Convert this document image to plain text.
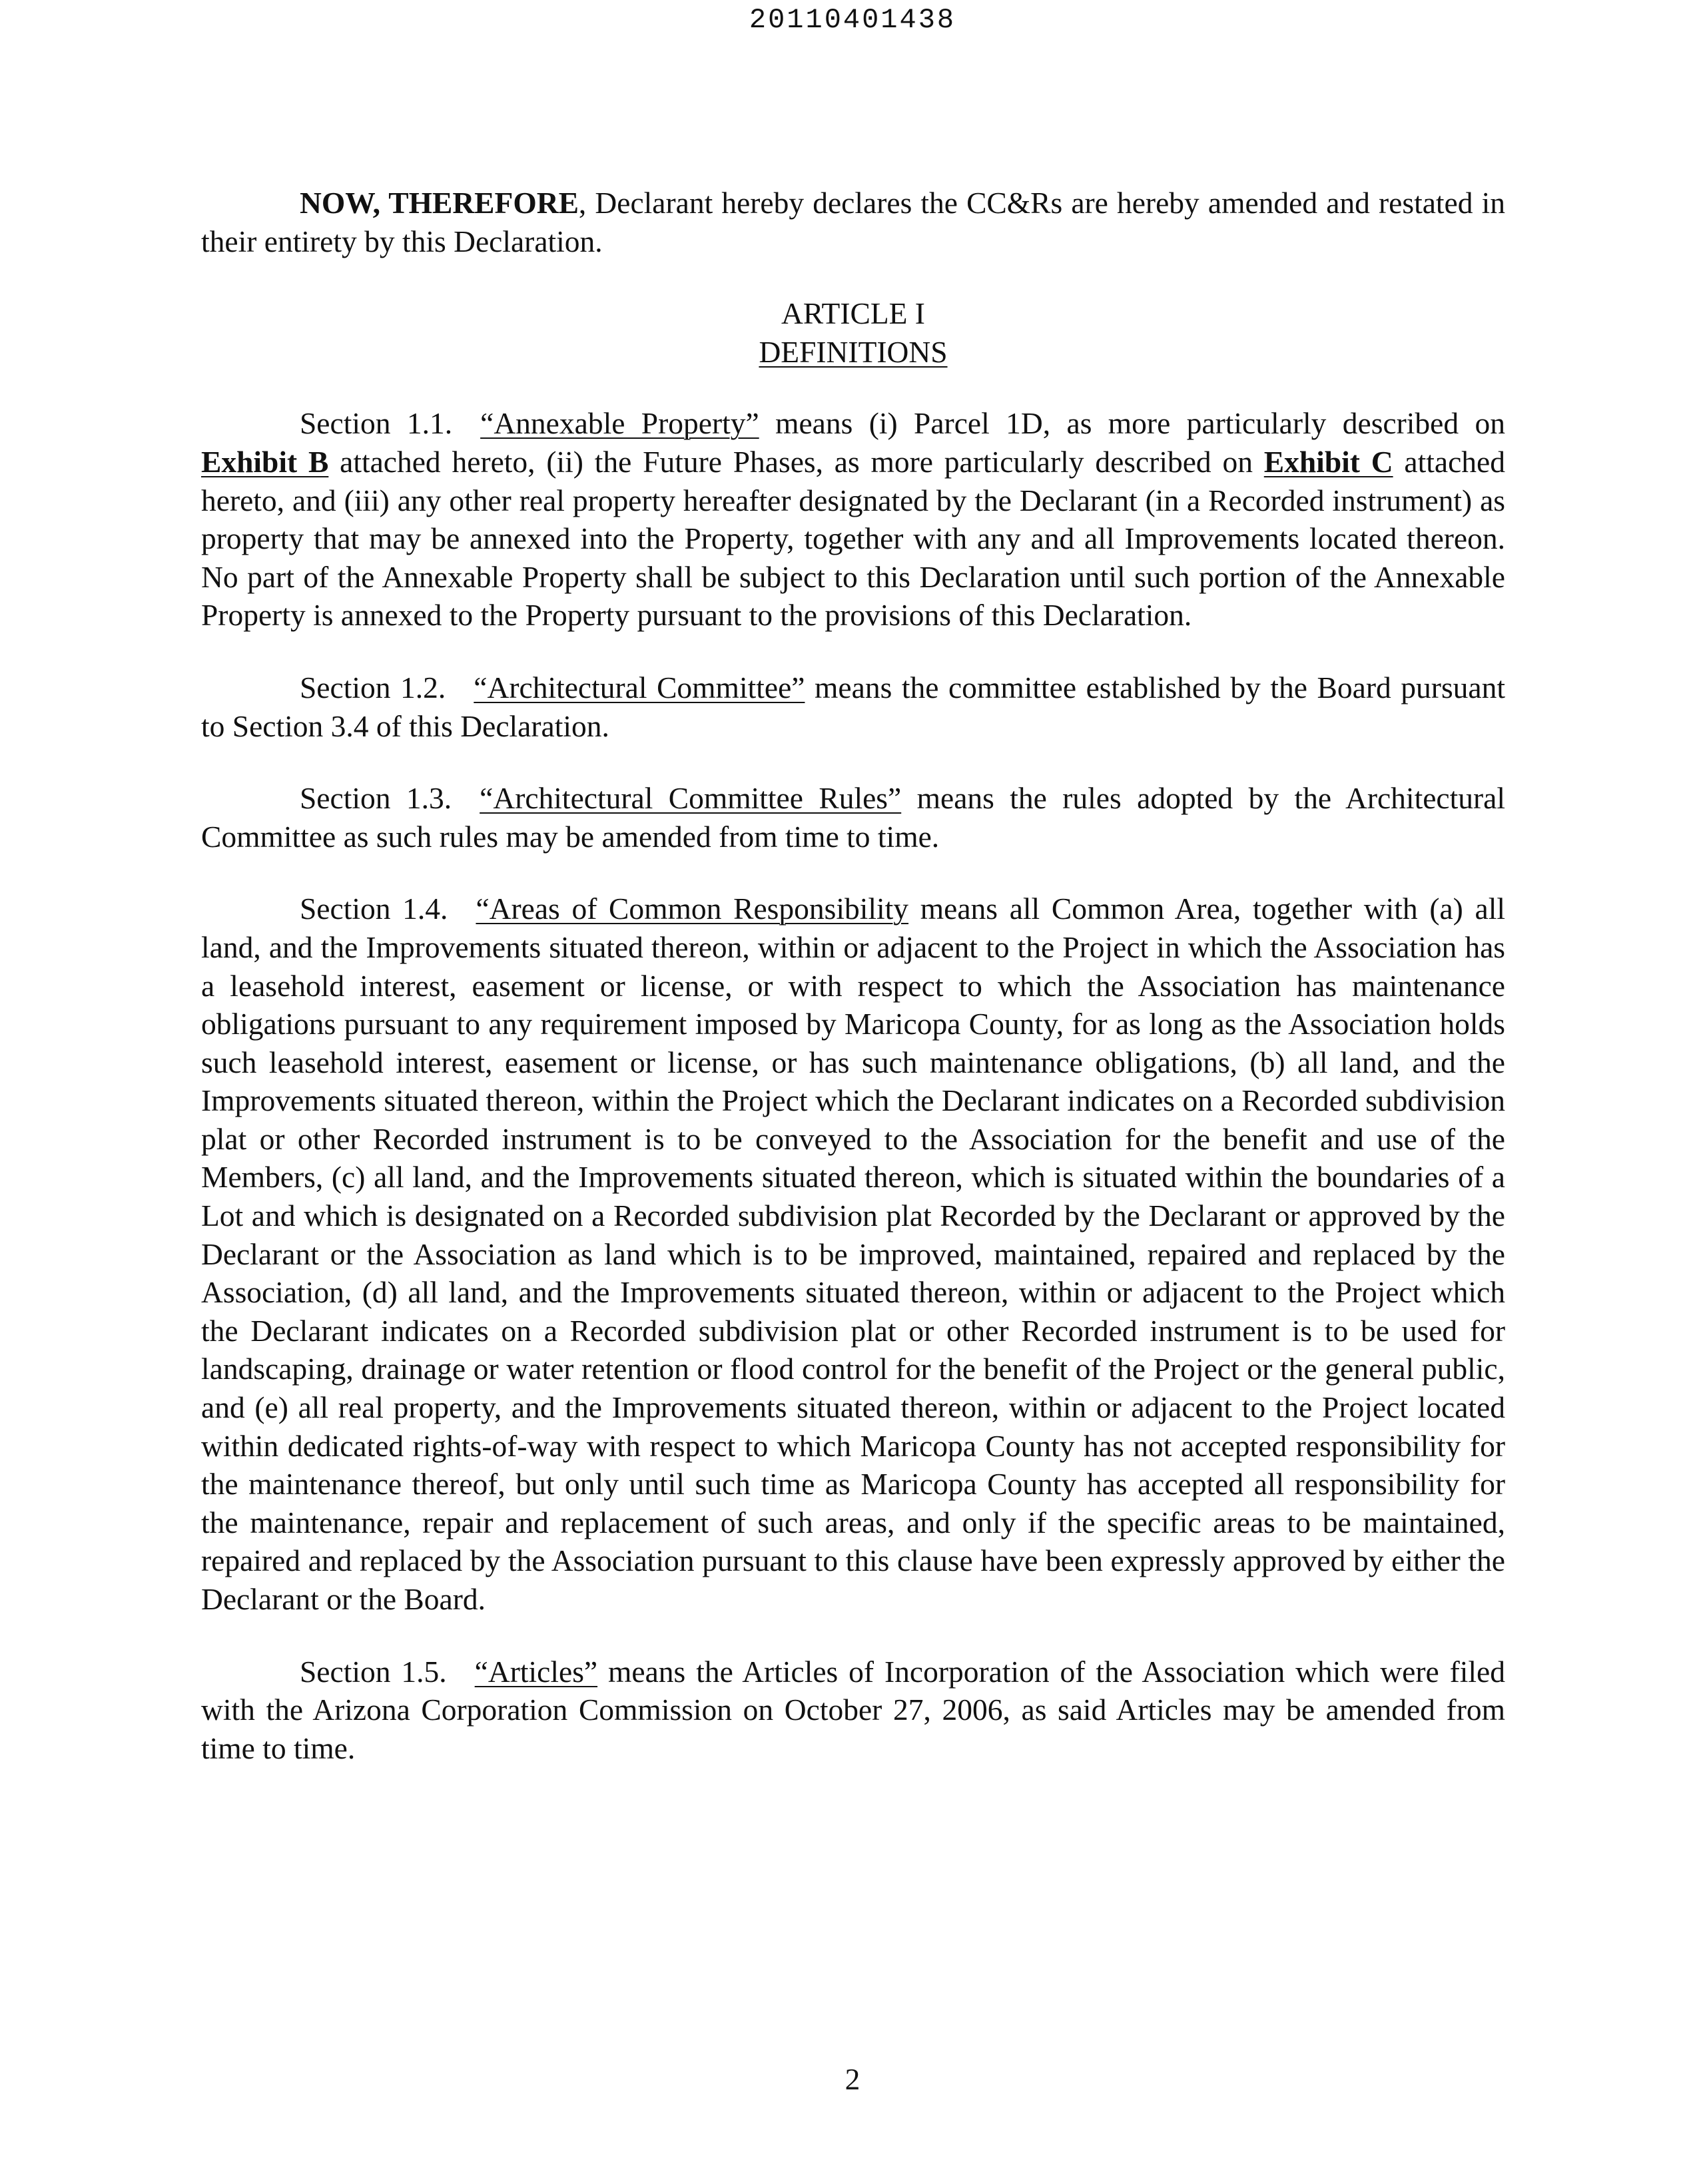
20110401438

NOW, THEREFORE, Declarant hereby declares the CC&Rs are hereby amended and restated in their entirety by this Declaration.

ARTICLE I
DEFINITIONS

Section 1.1. “Annexable Property” means (i) Parcel 1D, as more particularly described on Exhibit B attached hereto, (ii) the Future Phases, as more particularly described on Exhibit C attached hereto, and (iii) any other real property hereafter designated by the Declarant (in a Recorded instrument) as property that may be annexed into the Property, together with any and all Improvements located thereon. No part of the Annexable Property shall be subject to this Declaration until such portion of the Annexable Property is annexed to the Property pursuant to the provisions of this Declaration.

Section 1.2. “Architectural Committee” means the committee established by the Board pursuant to Section 3.4 of this Declaration.

Section 1.3. “Architectural Committee Rules” means the rules adopted by the Architectural Committee as such rules may be amended from time to time.

Section 1.4. “Areas of Common Responsibility means all Common Area, together with (a) all land, and the Improvements situated thereon, within or adjacent to the Project in which the Association has a leasehold interest, easement or license, or with respect to which the Association has maintenance obligations pursuant to any requirement imposed by Maricopa County, for as long as the Association holds such leasehold interest, easement or license, or has such maintenance obligations, (b) all land, and the Improvements situated thereon, within the Project which the Declarant indicates on a Recorded subdivision plat or other Recorded instrument is to be conveyed to the Association for the benefit and use of the Members, (c) all land, and the Improvements situated thereon, which is situated within the boundaries of a Lot and which is designated on a Recorded subdivision plat Recorded by the Declarant or approved by the Declarant or the Association as land which is to be improved, maintained, repaired and replaced by the Association, (d) all land, and the Improvements situated thereon, within or adjacent to the Project which the Declarant indicates on a Recorded subdivision plat or other Recorded instrument is to be used for landscaping, drainage or water retention or flood control for the benefit of the Project or the general public, and (e) all real property, and the Improvements situated thereon, within or adjacent to the Project located within dedicated rights-of-way with respect to which Maricopa County has not accepted responsibility for the maintenance thereof, but only until such time as Maricopa County has accepted all responsibility for the maintenance, repair and replacement of such areas, and only if the specific areas to be maintained, repaired and replaced by the Association pursuant to this clause have been expressly approved by either the Declarant or the Board.

Section 1.5. “Articles” means the Articles of Incorporation of the Association which were filed with the Arizona Corporation Commission on October 27, 2006, as said Articles may be amended from time to time.

2
